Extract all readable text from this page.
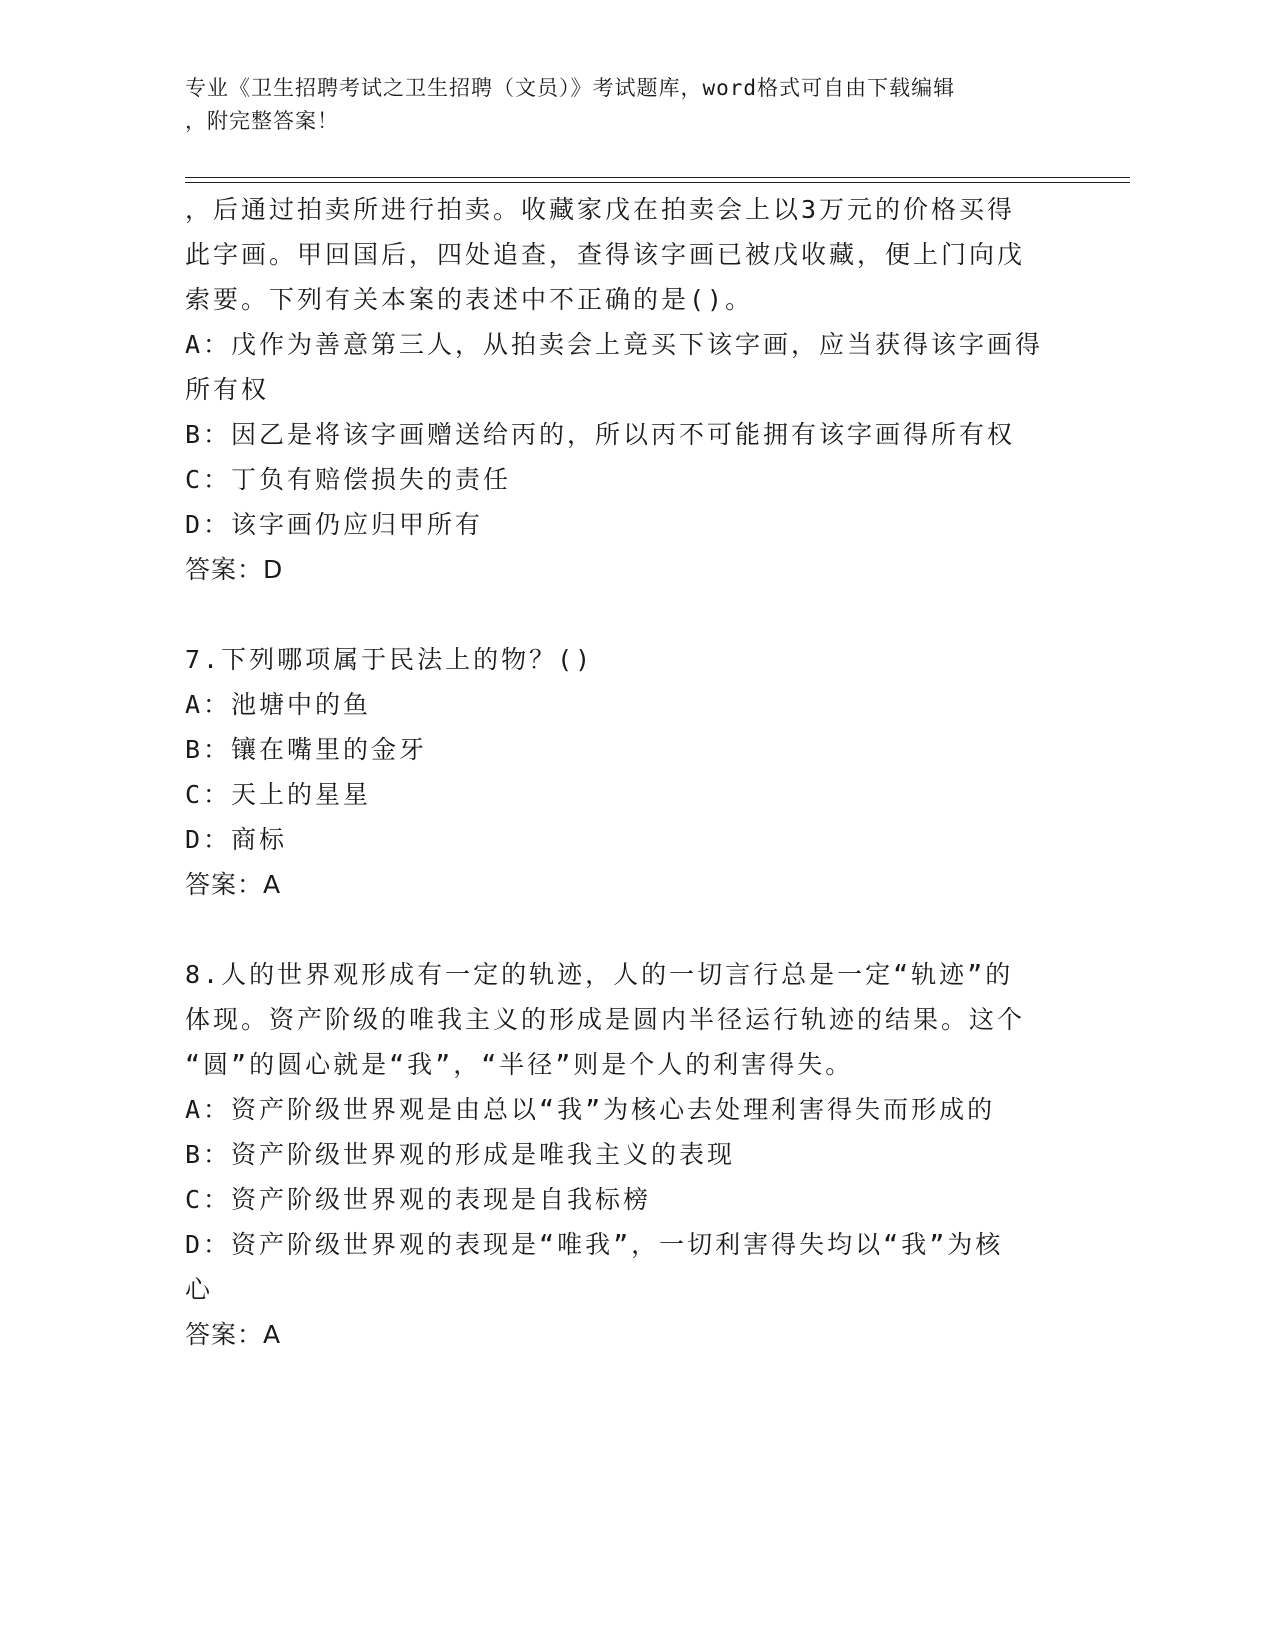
专业《卫生招聘考试之卫生招聘（文员）》考试题库，word格式可自由下载编辑
，附完整答案！

，后通过拍卖所进行拍卖。收藏家戊在拍卖会上以3万元的价格买得

此字画。甲回国后，四处追查，查得该字画已被戊收藏，便上门向戊

索要。下列有关本案的表述中不正确的是()。

A：戊作为善意第三人，从拍卖会上竟买下该字画，应当获得该字画得

所有权

B：因乙是将该字画赠送给丙的，所以丙不可能拥有该字画得所有权

C：丁负有赔偿损失的责任

D：该字画仍应归甲所有

答案：D

7.下列哪项属于民法上的物？()

A：池塘中的鱼

B：镶在嘴里的金牙

C：天上的星星

D：商标

答案：A

8.人的世界观形成有一定的轨迹，人的一切言行总是一定“轨迹”的

体现。资产阶级的唯我主义的形成是圆内半径运行轨迹的结果。这个

“圆”的圆心就是“我”，“半径”则是个人的利害得失。

A：资产阶级世界观是由总以“我”为核心去处理利害得失而形成的

B：资产阶级世界观的形成是唯我主义的表现

C：资产阶级世界观的表现是自我标榜

D：资产阶级世界观的表现是“唯我”，一切利害得失均以“我”为核

心

答案：A
